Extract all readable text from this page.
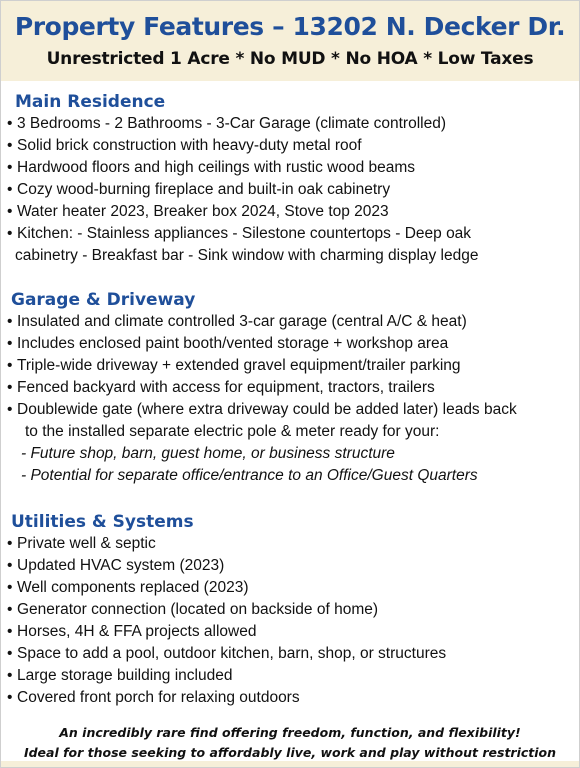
Property Features – 13202 N. Decker Dr.
Unrestricted 1 Acre * No MUD * No HOA * Low Taxes
Main Residence
• 3 Bedrooms - 2 Bathrooms - 3-Car Garage (climate controlled)
• Solid brick construction with heavy-duty metal roof
• Hardwood floors and high ceilings with rustic wood beams
• Cozy wood-burning fireplace and built-in oak cabinetry
• Water heater 2023, Breaker box 2024, Stove top 2023
• Kitchen: - Stainless appliances - Silestone countertops - Deep oak
cabinetry - Breakfast bar - Sink window with charming display ledge
Garage & Driveway
• Insulated and climate controlled 3-car garage (central A/C & heat)
• Includes enclosed paint booth/vented storage + workshop area
• Triple-wide driveway + extended gravel equipment/trailer parking
• Fenced backyard with access for equipment, tractors, trailers
• Doublewide gate (where extra driveway could be added later) leads back
to the installed separate electric pole & meter ready for your:
- Future shop, barn, guest home, or business structure
- Potential for separate office/entrance to an Office/Guest Quarters
Utilities & Systems
• Private well & septic
• Updated HVAC system (2023)
• Well components replaced (2023)
• Generator connection (located on backside of home)
• Horses, 4H & FFA projects allowed
• Space to add a pool, outdoor kitchen, barn, shop, or structures
• Large storage building included
• Covered front porch for relaxing outdoors
An incredibly rare find offering freedom, function, and flexibility!
Ideal for those seeking to affordably live, work and play without restriction
